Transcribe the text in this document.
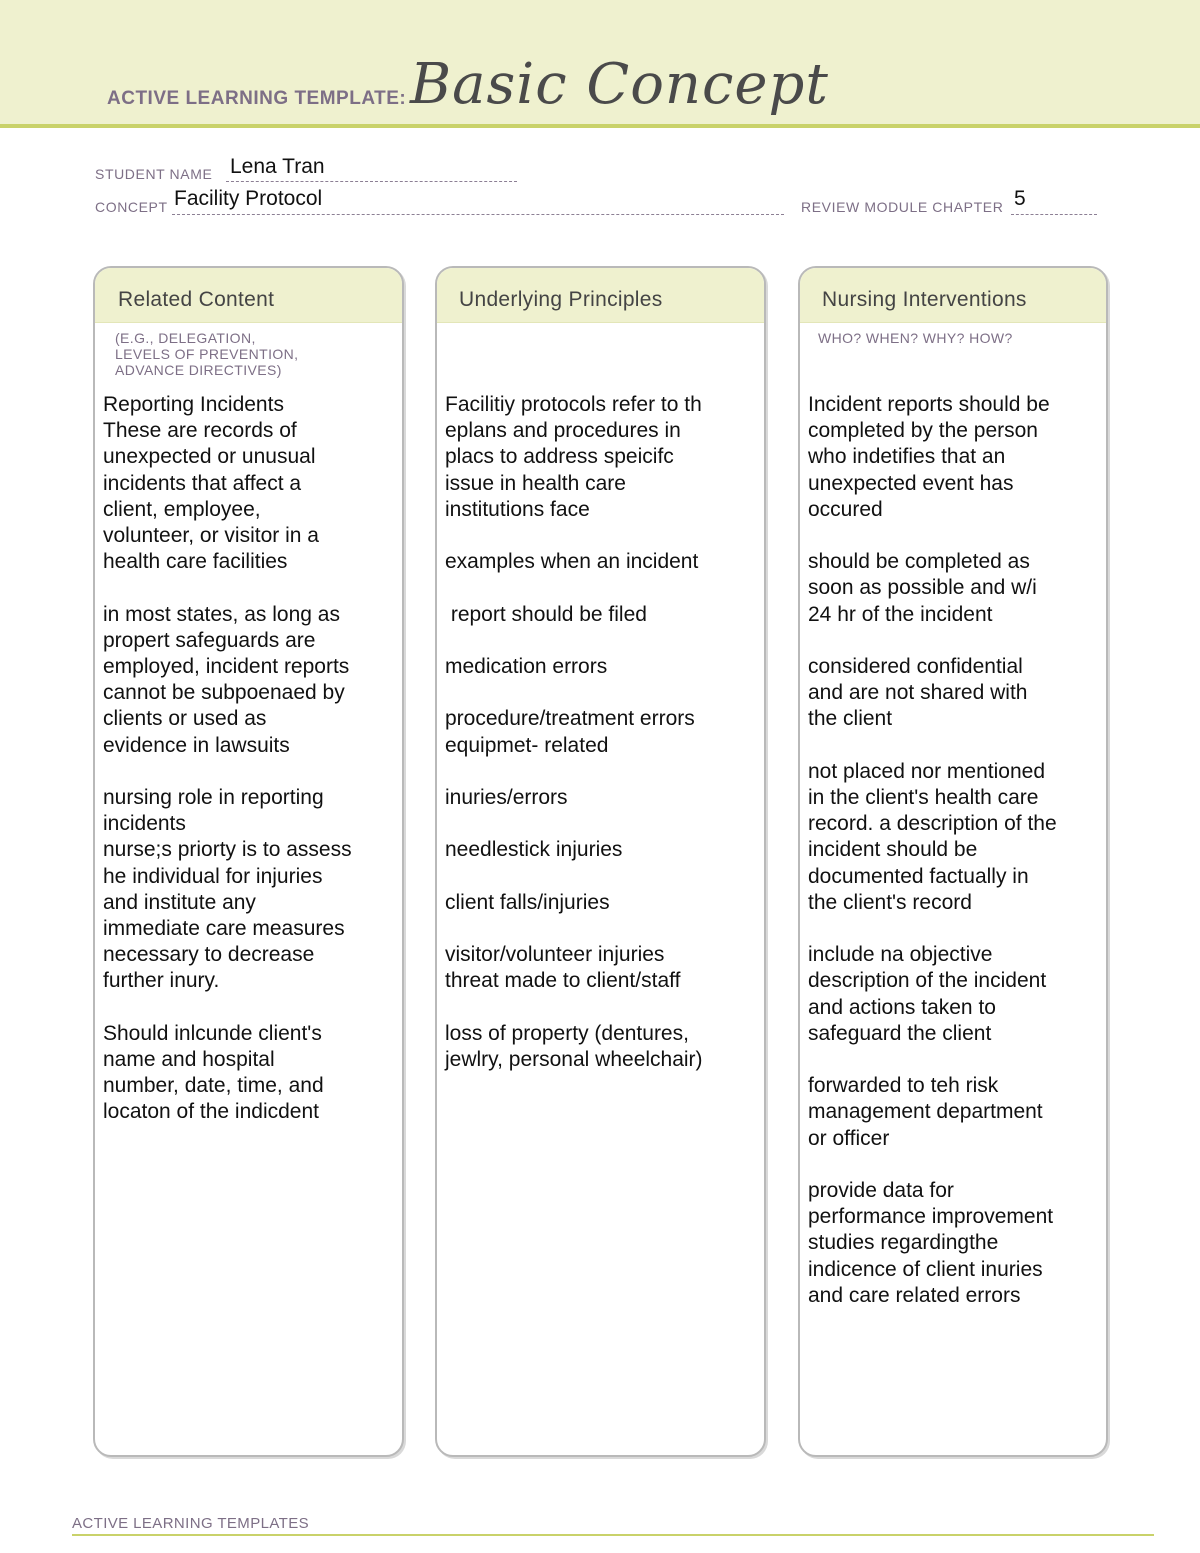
ACTIVE LEARNING TEMPLATE: Basic Concept
STUDENT NAME Lena Tran
CONCEPT Facility Protocol	REVIEW MODULE CHAPTER 5
Related Content
(E.G., DELEGATION,
LEVELS OF PREVENTION,
ADVANCE DIRECTIVES)
Reporting Incidents
These are records of
unexpected or unusual
incidents that affect a
client, employee,
volunteer, or visitor in a
health care facilities
in most states, as long as
propert safeguards are
employed, incident reports
cannot be subpoenaed by
clients or used as
evidence in lawsuits
nursing role in reporting
incidents
nurse;s priorty is to assess
he individual for injuries
and institute any
immediate care measures
necessary to decrease
further inury.
Should inlcunde client's
name and hospital
number, date, time, and
locaton of the indicdent
Underlying Principles
Facilitiy protocols refer to th
eplans and procedures in
placs to address speicifc
issue in health care
institutions face
examples when an incident
report should be filed
medication errors
procedure/treatment errors
equipmet- related
inuries/errors
needlestick injuries
client falls/injuries
visitor/volunteer injuries
threat made to client/staff
loss of property (dentures,
jewlry, personal wheelchair)
Nursing Interventions
WHO? WHEN? WHY? HOW?
Incident reports should be
completed by the person
who indetifies that an
unexpected event has
occured
should be completed as
soon as possible and w/i
24 hr of the incident
considered confidential
and are not shared with
the client
not placed nor mentioned
in the client's health care
record. a description of the
incident should be
documented factually in
the client's record
include na objective
description of the incident
and actions taken to
safeguard the client
forwarded to teh risk
management department
or officer
provide data for
performance improvement
studies regardingthe
indicence of client inuries
and care related errors
ACTIVE LEARNING TEMPLATES
